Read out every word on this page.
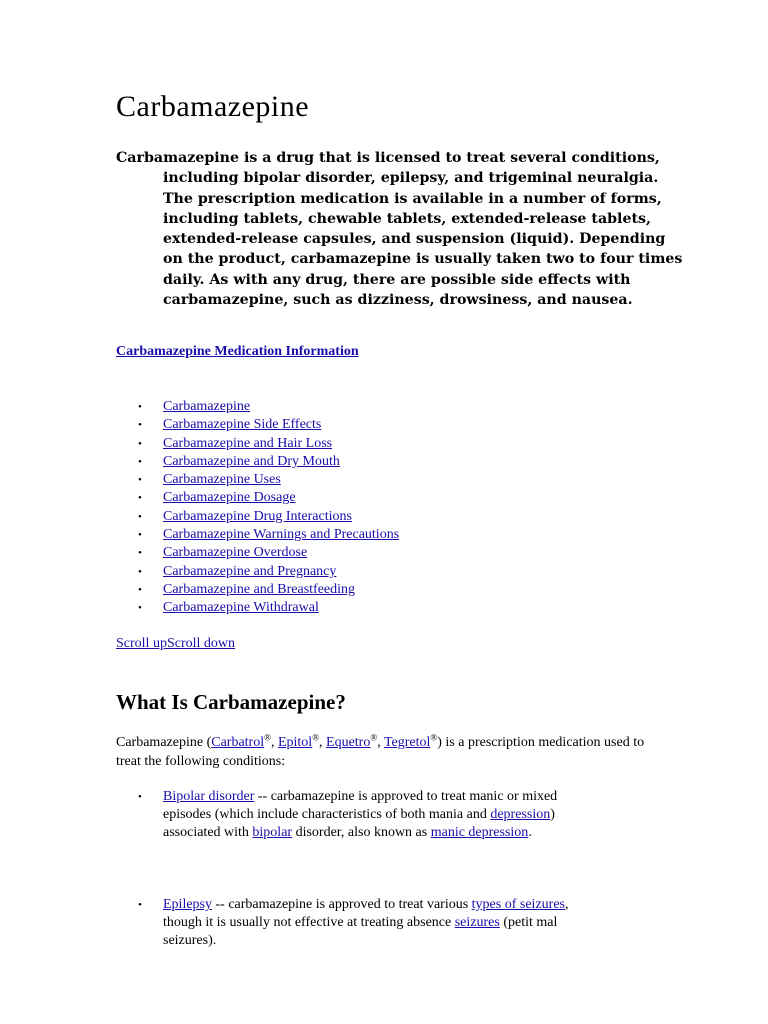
Carbamazepine

Carbamazepine is a drug that is licensed to treat several conditions, including bipolar disorder, epilepsy, and trigeminal neuralgia. The prescription medication is available in a number of forms, including tablets, chewable tablets, extended-release tablets, extended-release capsules, and suspension (liquid). Depending on the product, carbamazepine is usually taken two to four times daily. As with any drug, there are possible side effects with carbamazepine, such as dizziness, drowsiness, and nausea.

Carbamazepine Medication Information
• Carbamazepine
• Carbamazepine Side Effects
• Carbamazepine and Hair Loss
• Carbamazepine and Dry Mouth
• Carbamazepine Uses
• Carbamazepine Dosage
• Carbamazepine Drug Interactions
• Carbamazepine Warnings and Precautions
• Carbamazepine Overdose
• Carbamazepine and Pregnancy
• Carbamazepine and Breastfeeding
• Carbamazepine Withdrawal
Scroll upScroll down
What Is Carbamazepine?

Carbamazepine (Carbatrol®, Epitol®, Equetro®, Tegretol®) is a prescription medication used to treat the following conditions:

• Bipolar disorder -- carbamazepine is approved to treat manic or mixed episodes (which include characteristics of both mania and depression) associated with bipolar disorder, also known as manic depression.
• Epilepsy -- carbamazepine is approved to treat various types of seizures, though it is usually not effective at treating absence seizures (petit mal seizures).
